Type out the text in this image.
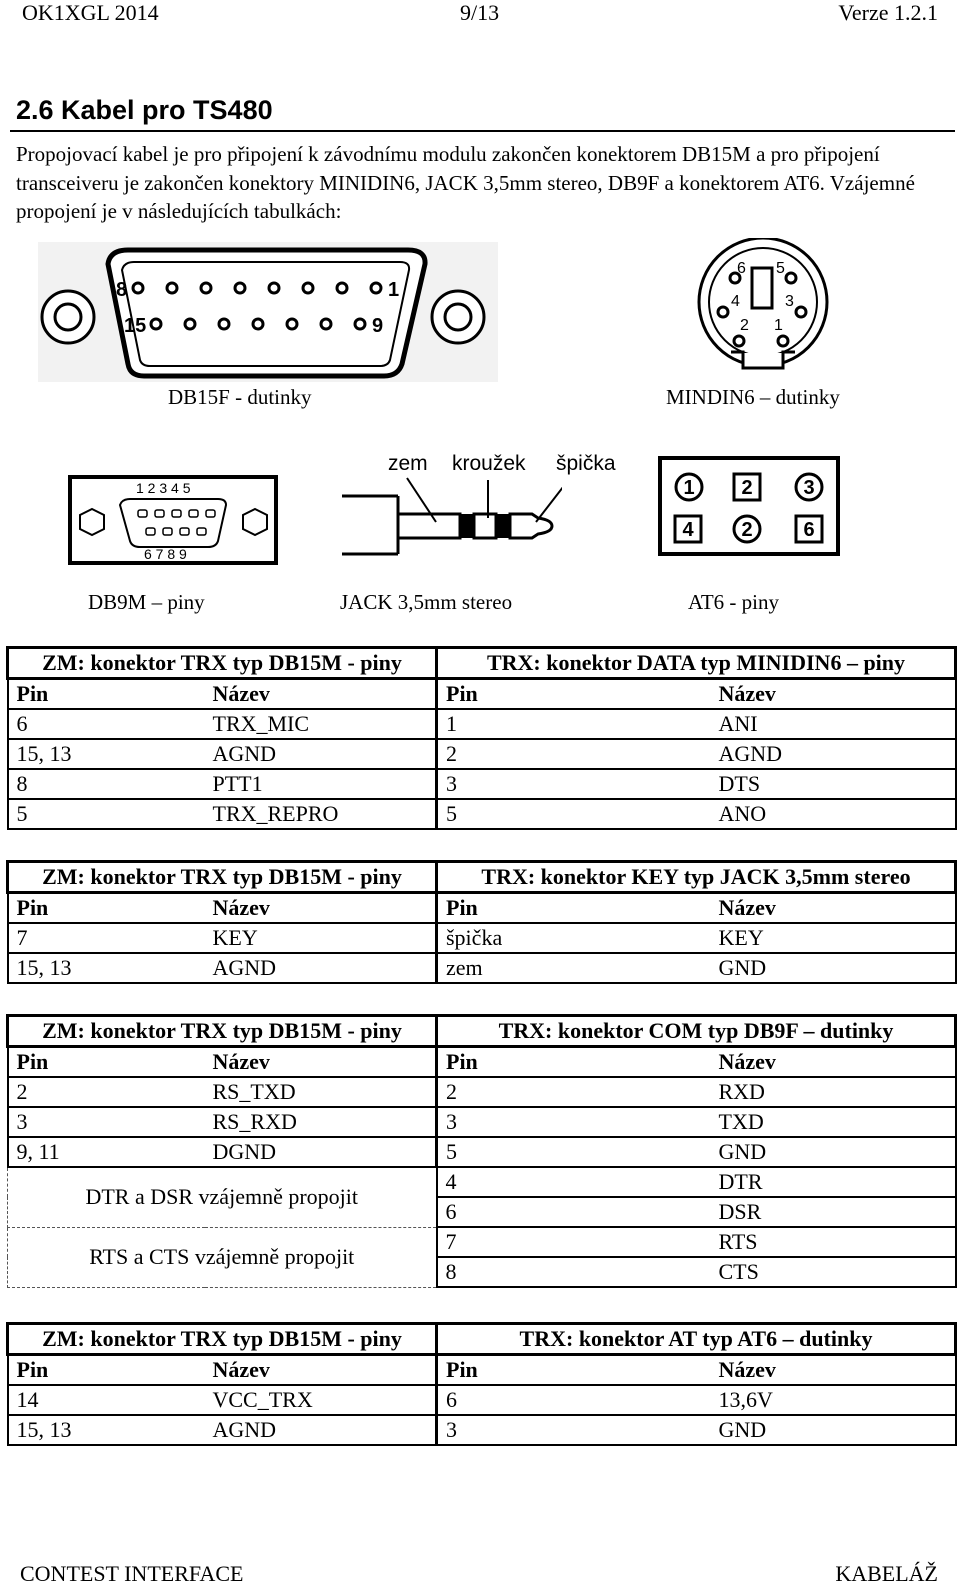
OK1XGL 2014	9/13	Verze 1.2.1
2.6 Kabel pro TS480
Propojovací kabel je pro připojení k závodnímu modulu zakončen konektorem DB15M a pro připojení transceiveru je zakončen konektory MINIDIN6, JACK 3,5mm stereo, DB9F a konektorem AT6. Vzájemné propojení je v následujících tabulkách:
8	1
15	9
DB15F - dutinky
6 5
4	3
2 1
MINDIN6 – dutinky
1 2 3 4 5
6 7 8 9
DB9M – piny
zem kroužek špička
JACK 3,5mm stereo
1 2	3
4 2	6
AT6 - piny
ZM: konektor TRX typ DB15M - piny		TRX: konektor DATA typ MINIDIN6 – piny	
Pin	Název	Pin	Název
6	TRX_MIC	1	ANI
15, 13	AGND	2	AGND
8	PTT1	3	DTS
5	TRX_REPRO	5	ANO
ZM: konektor TRX typ DB15M - piny		TRX: konektor KEY typ JACK 3,5mm stereo	
Pin	Název	Pin	Název
7	KEY	špička	KEY
15, 13	AGND	zem	GND
ZM: konektor TRX typ DB15M - piny		TRX: konektor COM typ DB9F – dutinky	
Pin	Název	Pin	Název
2	RS_TXD	2	RXD
3	RS_RXD	3	TXD
9, 11	DGND	5	GND
DTR a DSR vzájemně propojit		4	DTR
		6	DSR
RTS a CTS vzájemně propojit		7	RTS
		8	CTS
ZM: konektor TRX typ DB15M - piny		TRX: konektor AT typ AT6 – dutinky	
Pin	Název	Pin	Název
14	VCC_TRX	6	13,6V
15, 13	AGND	3	GND
CONTEST INTERFACE	KABELÁŽ
